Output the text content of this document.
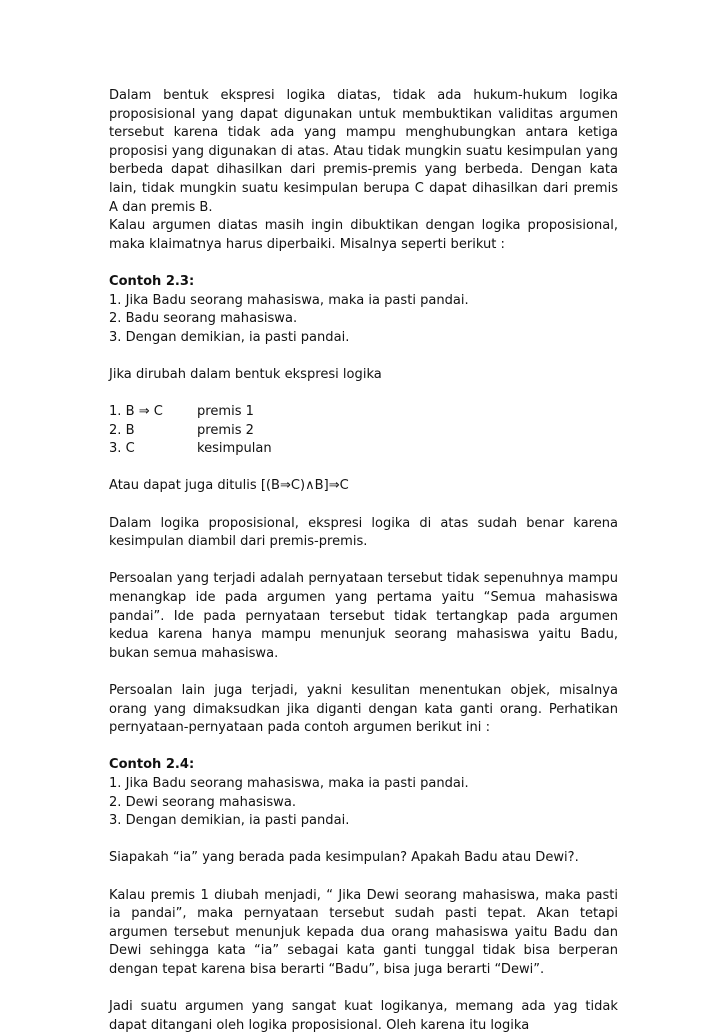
Dalam bentuk ekspresi logika diatas, tidak ada hukum-hukum logika proposisional yang dapat digunakan untuk membuktikan validitas argumen tersebut karena tidak ada yang mampu menghubungkan antara ketiga proposisi yang digunakan di atas. Atau tidak mungkin suatu kesimpulan yang berbeda dapat dihasilkan dari premis-premis yang berbeda. Dengan kata lain, tidak mungkin suatu kesimpulan berupa C dapat dihasilkan dari premis A dan premis B.

Kalau argumen diatas masih ingin dibuktikan dengan logika proposisional, maka klaimatnya harus diperbaiki. Misalnya seperti berikut :

Contoh 2.3:

1. Jika Badu seorang mahasiswa, maka ia pasti pandai.
2. Badu seorang mahasiswa.
3. Dengan demikian, ia pasti pandai.

Jika dirubah dalam bentuk ekspresi logika

1. B ⇒ C	premis 1
2. B	premis 2
3. C	kesimpulan

Atau dapat juga ditulis [(B⇒C)∧B]⇒C

Dalam logika proposisional, ekspresi logika di atas sudah benar karena kesimpulan diambil dari premis-premis.

Persoalan yang terjadi adalah pernyataan tersebut tidak sepenuhnya mampu menangkap ide pada argumen yang pertama yaitu “Semua mahasiswa pandai”. Ide pada pernyataan tersebut tidak tertangkap pada argumen kedua karena hanya mampu menunjuk seorang mahasiswa yaitu Badu, bukan semua mahasiswa.

Persoalan lain juga terjadi, yakni kesulitan menentukan objek, misalnya orang yang dimaksudkan jika diganti dengan kata ganti orang. Perhatikan pernyataan-pernyataan pada contoh argumen berikut ini :

Contoh 2.4:

1. Jika Badu seorang mahasiswa, maka ia pasti pandai.
2. Dewi seorang mahasiswa.
3. Dengan demikian, ia pasti pandai.

Siapakah “ia” yang berada pada kesimpulan? Apakah Badu atau Dewi?.

Kalau premis 1 diubah menjadi, “ Jika Dewi seorang mahasiswa, maka pasti ia pandai”, maka pernyataan tersebut sudah pasti tepat. Akan tetapi argumen tersebut menunjuk kepada dua orang mahasiswa yaitu Badu dan Dewi sehingga kata “ia” sebagai kata ganti tunggal tidak bisa berperan dengan tepat karena bisa berarti “Badu”, bisa juga berarti “Dewi”.

Jadi suatu argumen yang sangat kuat logikanya, memang ada yag tidak dapat ditangani oleh logika proposisional. Oleh karena itu logika
